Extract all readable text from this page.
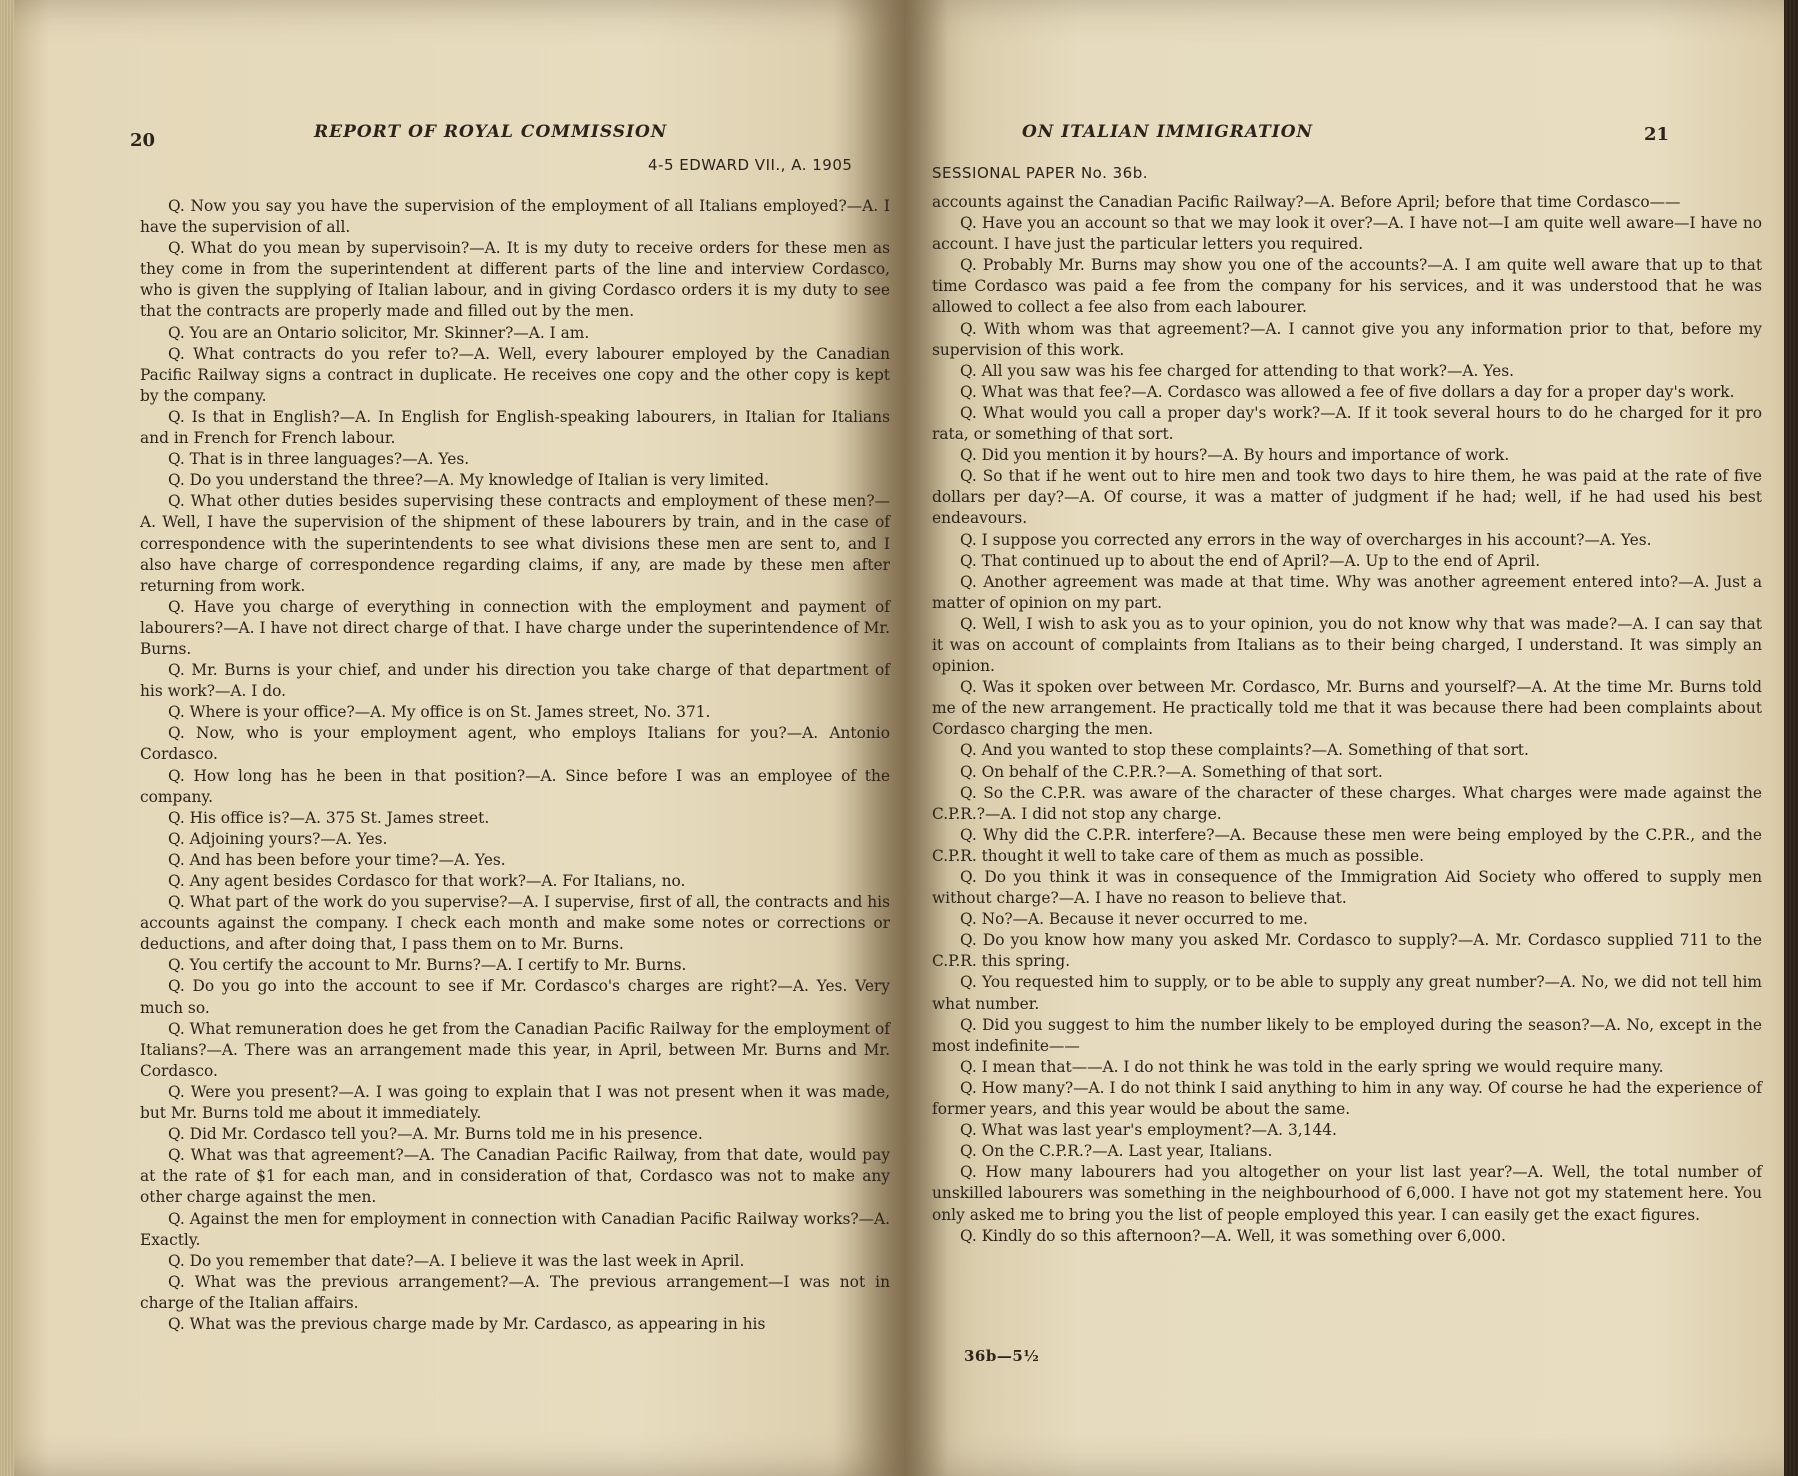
20	REPORT OF ROYAL COMMISSION
4-5 EDWARD VII., A. 1905

Q. Now you say you have the supervision of the employment of all Italians employed?—A. I have the supervision of all.

Q. What do you mean by supervisoin?—A. It is my duty to receive orders for these men as they come in from the superintendent at different parts of the line and interview Cordasco, who is given the supplying of Italian labour, and in giving Cordasco orders it is my duty to see that the contracts are properly made and filled out by the men.

Q. You are an Ontario solicitor, Mr. Skinner?—A. I am.

Q. What contracts do you refer to?—A. Well, every labourer employed by the Canadian Pacific Railway signs a contract in duplicate. He receives one copy and the other copy is kept by the company.

Q. Is that in English?—A. In English for English-speaking labourers, in Italian for Italians and in French for French labour.

Q. That is in three languages?—A. Yes.

Q. Do you understand the three?—A. My knowledge of Italian is very limited.

Q. What other duties besides supervising these contracts and employment of these men?—A. Well, I have the supervision of the shipment of these labourers by train, and in the case of correspondence with the superintendents to see what divisions these men are sent to, and I also have charge of correspondence regarding claims, if any, are made by these men after returning from work.

Q. Have you charge of everything in connection with the employment and payment of labourers?—A. I have not direct charge of that. I have charge under the superintendence of Mr. Burns.

Q. Mr. Burns is your chief, and under his direction you take charge of that department of his work?—A. I do.

Q. Where is your office?—A. My office is on St. James street, No. 371.

Q. Now, who is your employment agent, who employs Italians for you?—A. Antonio Cordasco.

Q. How long has he been in that position?—A. Since before I was an employee of the company.

Q. His office is?—A. 375 St. James street.

Q. Adjoining yours?—A. Yes.

Q. And has been before your time?—A. Yes.

Q. Any agent besides Cordasco for that work?—A. For Italians, no.

Q. What part of the work do you supervise?—A. I supervise, first of all, the contracts and his accounts against the company. I check each month and make some notes or corrections or deductions, and after doing that, I pass them on to Mr. Burns.

Q. You certify the account to Mr. Burns?—A. I certify to Mr. Burns.

Q. Do you go into the account to see if Mr. Cordasco's charges are right?—A. Yes. Very much so.

Q. What remuneration does he get from the Canadian Pacific Railway for the employment of Italians?—A. There was an arrangement made this year, in April, between Mr. Burns and Mr. Cordasco.

Q. Were you present?—A. I was going to explain that I was not present when it was made, but Mr. Burns told me about it immediately.

Q. Did Mr. Cordasco tell you?—A. Mr. Burns told me in his presence.

Q. What was that agreement?—A. The Canadian Pacific Railway, from that date, would pay at the rate of $1 for each man, and in consideration of that, Cordasco was not to make any other charge against the men.

Q. Against the men for employment in connection with Canadian Pacific Railway works?—A. Exactly.

Q. Do you remember that date?—A. I believe it was the last week in April.

Q. What was the previous arrangement?—A. The previous arrangement—I was not in charge of the Italian affairs.

Q. What was the previous charge made by Mr. Cardasco, as appearing in his

ON ITALIAN IMMIGRATION	21
SESSIONAL PAPER No. 36b.

accounts against the Canadian Pacific Railway?—A. Before April; before that time Cordasco——

Q. Have you an account so that we may look it over?—A. I have not—I am quite well aware—I have no account. I have just the particular letters you required.

Q. Probably Mr. Burns may show you one of the accounts?—A. I am quite well aware that up to that time Cordasco was paid a fee from the company for his services, and it was understood that he was allowed to collect a fee also from each labourer.

Q. With whom was that agreement?—A. I cannot give you any information prior to that, before my supervision of this work.

Q. All you saw was his fee charged for attending to that work?—A. Yes.

Q. What was that fee?—A. Cordasco was allowed a fee of five dollars a day for a proper day's work.

Q. What would you call a proper day's work?—A. If it took several hours to do he charged for it pro rata, or something of that sort.

Q. Did you mention it by hours?—A. By hours and importance of work.

Q. So that if he went out to hire men and took two days to hire them, he was paid at the rate of five dollars per day?—A. Of course, it was a matter of judgment if he had; well, if he had used his best endeavours.

Q. I suppose you corrected any errors in the way of overcharges in his account?—A. Yes.

Q. That continued up to about the end of April?—A. Up to the end of April.

Q. Another agreement was made at that time. Why was another agreement entered into?—A. Just a matter of opinion on my part.

Q. Well, I wish to ask you as to your opinion, you do not know why that was made?—A. I can say that it was on account of complaints from Italians as to their being charged, I understand. It was simply an opinion.

Q. Was it spoken over between Mr. Cordasco, Mr. Burns and yourself?—A. At the time Mr. Burns told me of the new arrangement. He practically told me that it was because there had been complaints about Cordasco charging the men.

Q. And you wanted to stop these complaints?—A. Something of that sort.

Q. On behalf of the C.P.R.?—A. Something of that sort.

Q. So the C.P.R. was aware of the character of these charges. What charges were made against the C.P.R.?—A. I did not stop any charge.

Q. Why did the C.P.R. interfere?—A. Because these men were being employed by the C.P.R., and the C.P.R. thought it well to take care of them as much as possible.

Q. Do you think it was in consequence of the Immigration Aid Society who offered to supply men without charge?—A. I have no reason to believe that.

Q. No?—A. Because it never occurred to me.

Q. Do you know how many you asked Mr. Cordasco to supply?—A. Mr. Cordasco supplied 711 to the C.P.R. this spring.

Q. You requested him to supply, or to be able to supply any great number?—A. No, we did not tell him what number.

Q. Did you suggest to him the number likely to be employed during the season?—A. No, except in the most indefinite——

Q. I mean that——A. I do not think he was told in the early spring we would require many.

Q. How many?—A. I do not think I said anything to him in any way. Of course he had the experience of former years, and this year would be about the same.

Q. What was last year's employment?—A. 3,144.

Q. On the C.P.R.?—A. Last year, Italians.

Q. How many labourers had you altogether on your list last year?—A. Well, the total number of unskilled labourers was something in the neighbourhood of 6,000. I have not got my statement here. You only asked me to bring you the list of people employed this year. I can easily get the exact figures.

Q. Kindly do so this afternoon?—A. Well, it was something over 6,000.

36b—5½
